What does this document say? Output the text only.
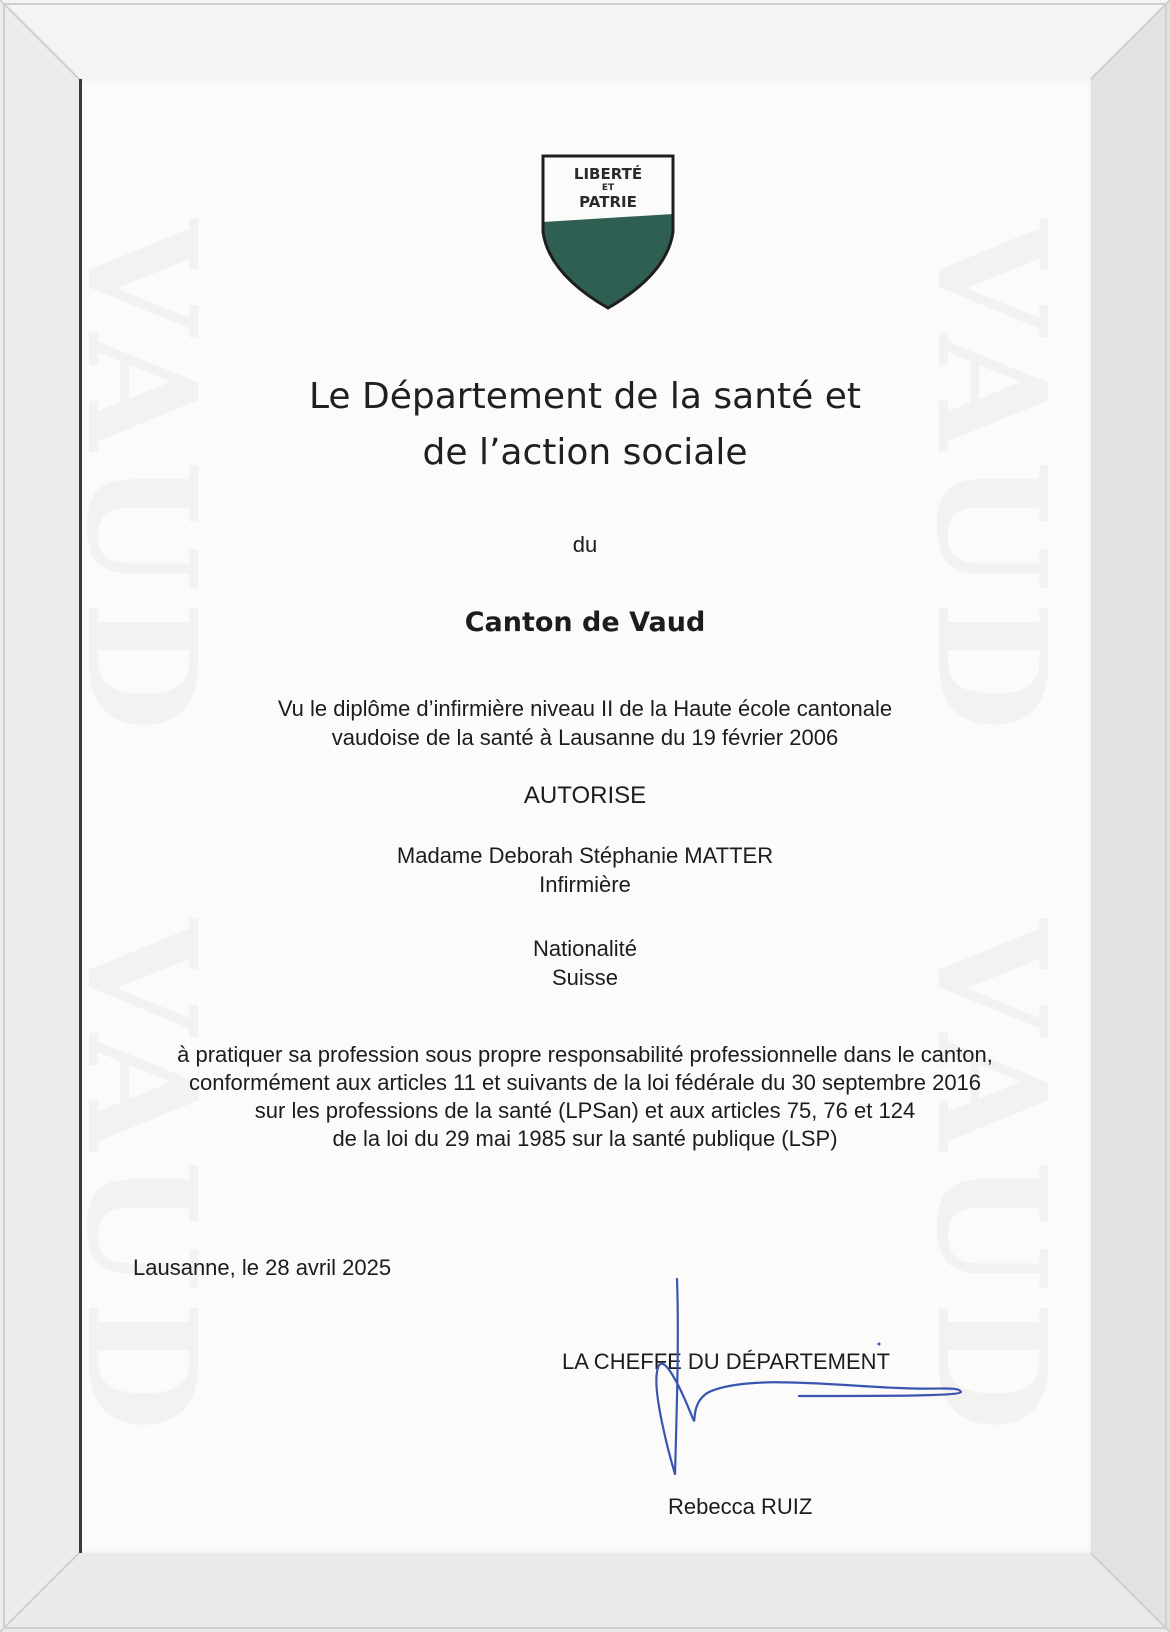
LIBERTÉ
ET
PATRIE
Le Département de la santé et
de l’action sociale
du
Canton de Vaud
Vu le diplôme d’infirmière niveau II de la Haute école cantonale
vaudoise de la santé à Lausanne du 19 février 2006
AUTORISE
Madame Deborah Stéphanie MATTER
Infirmière
Nationalité
Suisse
à pratiquer sa profession sous propre responsabilité professionnelle dans le canton,
conformément aux articles 11 et suivants de la loi fédérale du 30 septembre 2016
sur les professions de la santé (LPSan) et aux articles 75, 76 et 124
de la loi du 29 mai 1985 sur la santé publique (LSP)
Lausanne, le 28 avril 2025
LA CHEFFE DU DÉPARTEMENT
Rebecca RUIZ
